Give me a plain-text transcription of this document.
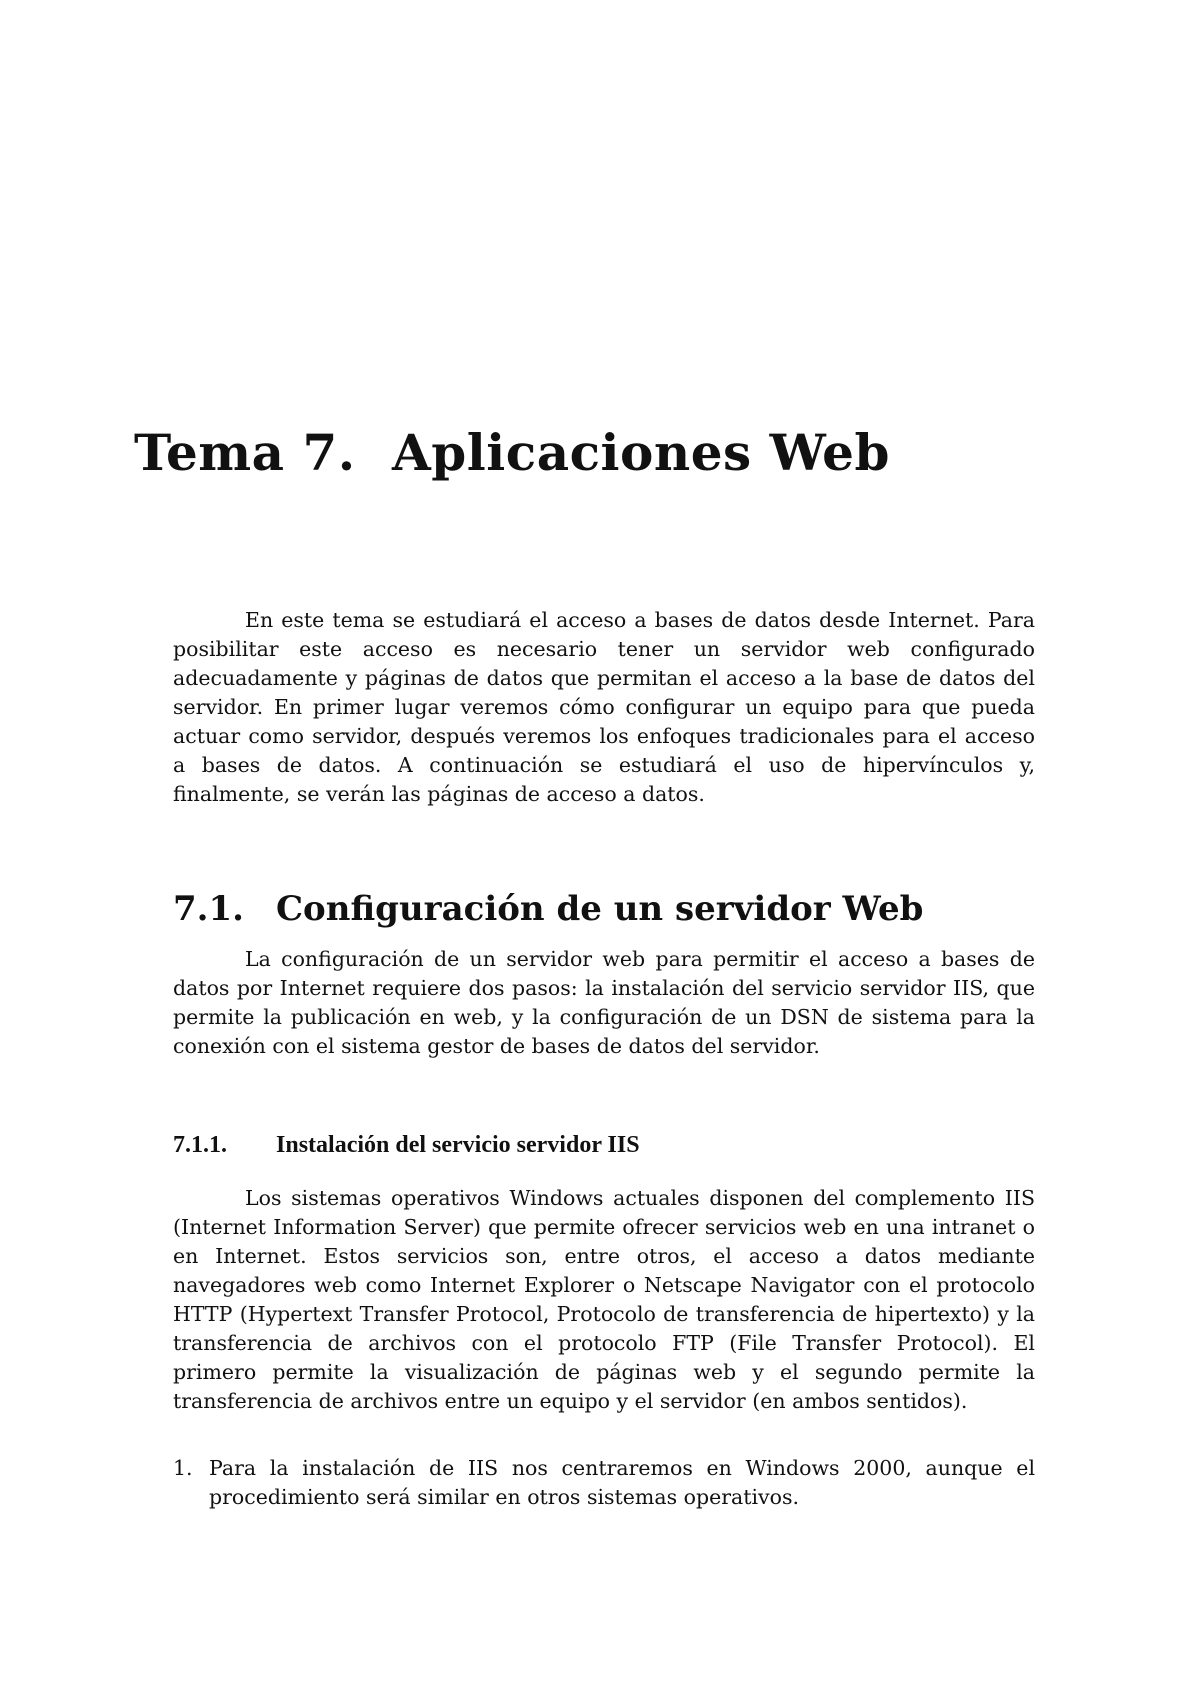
Tema 7. Aplicaciones Web

En este tema se estudiará el acceso a bases de datos desde Internet. Para posibilitar este acceso es necesario tener un servidor web configurado adecuadamente y páginas de datos que permitan el acceso a la base de datos del servidor. En primer lugar veremos cómo configurar un equipo para que pueda actuar como servidor, después veremos los enfoques tradicionales para el acceso a bases de datos. A continuación se estudiará el uso de hipervínculos y, finalmente, se verán las páginas de acceso a datos.

7.1. Configuración de un servidor Web

La configuración de un servidor web para permitir el acceso a bases de datos por Internet requiere dos pasos: la instalación del servicio servidor IIS, que permite la publicación en web, y la configuración de un DSN de sistema para la conexión con el sistema gestor de bases de datos del servidor.

7.1.1. Instalación del servicio servidor IIS

Los sistemas operativos Windows actuales disponen del complemento IIS (Internet Information Server) que permite ofrecer servicios web en una intranet o en Internet. Estos servicios son, entre otros, el acceso a datos mediante navegadores web como Internet Explorer o Netscape Navigator con el protocolo HTTP (Hypertext Transfer Protocol, Protocolo de transferencia de hipertexto) y la transferencia de archivos con el protocolo FTP (File Transfer Protocol). El primero permite la visualización de páginas web y el segundo permite la transferencia de archivos entre un equipo y el servidor (en ambos sentidos).

1. Para la instalación de IIS nos centraremos en Windows 2000, aunque el procedimiento será similar en otros sistemas operativos.
